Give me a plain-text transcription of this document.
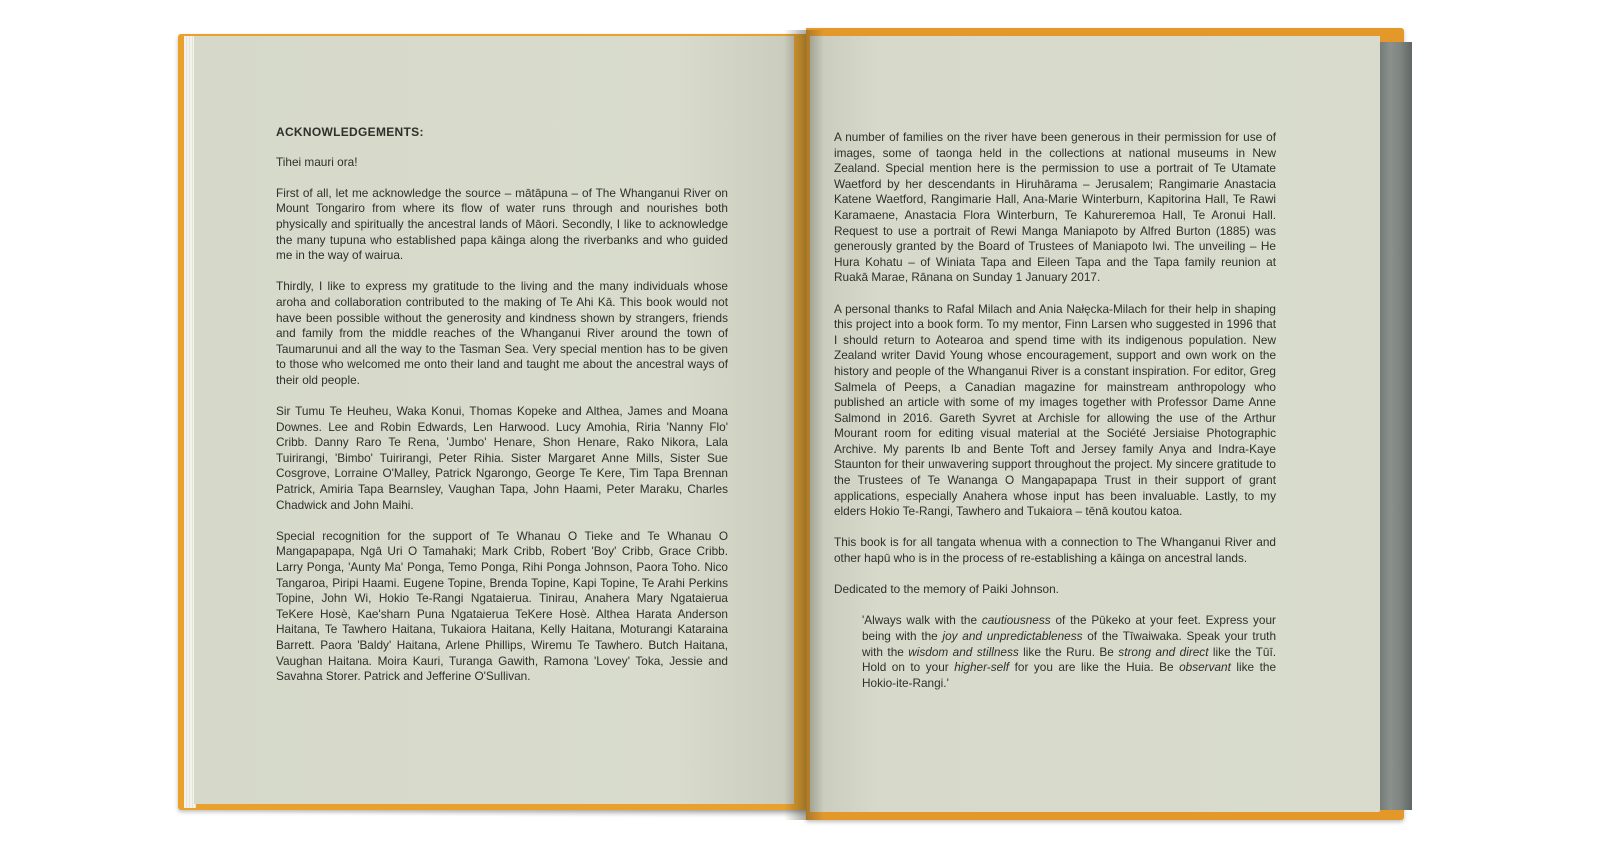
ACKNOWLEDGEMENTS:

Tihei mauri ora!

First of all, let me acknowledge the source – mātāpuna – of The Whanganui River on Mount Tongariro from where its flow of water runs through and nourishes both physically and spiritually the ancestral lands of Māori. Secondly, I like to acknowledge the many tupuna who established papa kāinga along the riverbanks and who guided me in the way of wairua.

Thirdly, I like to express my gratitude to the living and the many individuals whose aroha and collaboration contributed to the making of Te Ahi Kā. This book would not have been possible without the generosity and kindness shown by strangers, friends and family from the middle reaches of the Whanganui River around the town of Taumarunui and all the way to the Tasman Sea. Very special mention has to be given to those who welcomed me onto their land and taught me about the ancestral ways of their old people.

Sir Tumu Te Heuheu, Waka Konui, Thomas Kopeke and Althea, James and Moana Downes. Lee and Robin Edwards, Len Harwood. Lucy Amohia, Riria 'Nanny Flo' Cribb. Danny Raro Te Rena, 'Jumbo' Henare, Shon Henare, Rako Nikora, Lala Tuirirangi, 'Bimbo' Tuirirangi, Peter Rihia. Sister Margaret Anne Mills, Sister Sue Cosgrove, Lorraine O'Malley, Patrick Ngarongo, George Te Kere, Tim Tapa Brennan Patrick, Amiria Tapa Bearnsley, Vaughan Tapa, John Haami, Peter Maraku, Charles Chadwick and John Maihi.

Special recognition for the support of Te Whanau O Tieke and Te Whanau O Mangapapapa, Ngā Uri O Tamahaki; Mark Cribb, Robert 'Boy' Cribb, Grace Cribb. Larry Ponga, 'Aunty Ma' Ponga, Temo Ponga, Rihi Ponga Johnson, Paora Toho. Nico Tangaroa, Piripi Haami. Eugene Topine, Brenda Topine, Kapi Topine, Te Arahi Perkins Topine, John Wi, Hokio Te-Rangi Ngataierua. Tinirau, Anahera Mary Ngataierua TeKere Hosè, Kae'sharn Puna Ngataierua TeKere Hosè. Althea Harata Anderson Haitana, Te Tawhero Haitana, Tukaiora Haitana, Kelly Haitana, Moturangi Kataraina Barrett. Paora 'Baldy' Haitana, Arlene Phillips, Wiremu Te Tawhero. Butch Haitana, Vaughan Haitana. Moira Kauri, Turanga Gawith, Ramona 'Lovey' Toka, Jessie and Savahna Storer. Patrick and Jefferine O'Sullivan.

A number of families on the river have been generous in their permission for use of images, some of taonga held in the collections at national museums in New Zealand. Special mention here is the permission to use a portrait of Te Utamate Waetford by her descendants in Hiruhārama – Jerusalem; Rangimarie Anastacia Katene Waetford, Rangimarie Hall, Ana-Marie Winterburn, Kapitorina Hall, Te Rawi Karamaene, Anastacia Flora Winterburn, Te Kahureremoa Hall, Te Aronui Hall. Request to use a portrait of Rewi Manga Maniapoto by Alfred Burton (1885) was generously granted by the Board of Trustees of Maniapoto Iwi. The unveiling – He Hura Kohatu – of Winiata Tapa and Eileen Tapa and the Tapa family reunion at Ruakā Marae, Rānana on Sunday 1 January 2017.

A personal thanks to Rafal Milach and Ania Nałęcka-Milach for their help in shaping this project into a book form. To my mentor, Finn Larsen who suggested in 1996 that I should return to Aotearoa and spend time with its indigenous population. New Zealand writer David Young whose encouragement, support and own work on the history and people of the Whanganui River is a constant inspiration. For editor, Greg Salmela of Peeps, a Canadian magazine for mainstream anthropology who published an article with some of my images together with Professor Dame Anne Salmond in 2016. Gareth Syvret at Archisle for allowing the use of the Arthur Mourant room for editing visual material at the Société Jersiaise Photographic Archive. My parents Ib and Bente Toft and Jersey family Anya and Indra-Kaye Staunton for their unwavering support throughout the project. My sincere gratitude to the Trustees of Te Wananga O Mangapapapa Trust in their support of grant applications, especially Anahera whose input has been invaluable. Lastly, to my elders Hokio Te-Rangi, Tawhero and Tukaiora – tēnā koutou katoa.

This book is for all tangata whenua with a connection to The Whanganui River and other hapū who is in the process of re-establishing a kāinga on ancestral lands.

Dedicated to the memory of Paiki Johnson.

'Always walk with the cautiousness of the Pūkeko at your feet. Express your being with the joy and unpredictableness of the Tīwaiwaka. Speak your truth with the wisdom and stillness like the Ruru. Be strong and direct like the Tūī. Hold on to your higher-self for you are like the Huia. Be observant like the Hokio-ite-Rangi.'
